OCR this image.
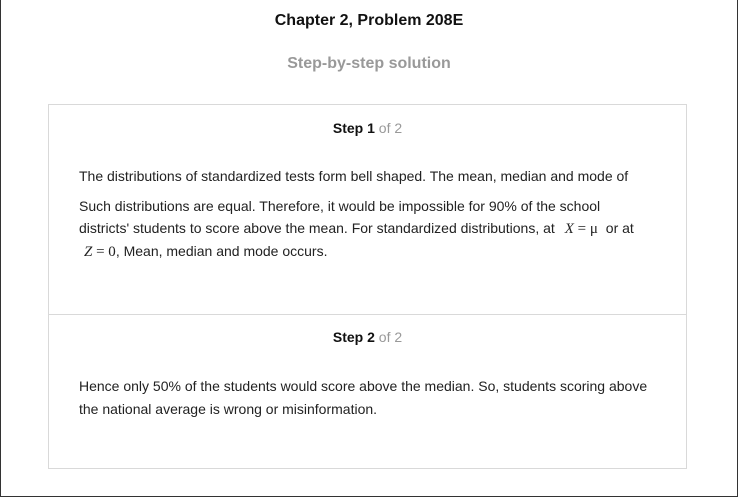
Chapter 2, Problem 208E
Step-by-step solution
Step 1 of 2
The distributions of standardized tests form bell shaped. The mean, median and mode of
Such distributions are equal. Therefore, it would be impossible for 90% of the school
districts' students to score above the mean. For standardized distributions, at X = μ or at
Z = 0, Mean, median and mode occurs.
Step 2 of 2
Hence only 50% of the students would score above the median. So, students scoring above
the national average is wrong or misinformation.
